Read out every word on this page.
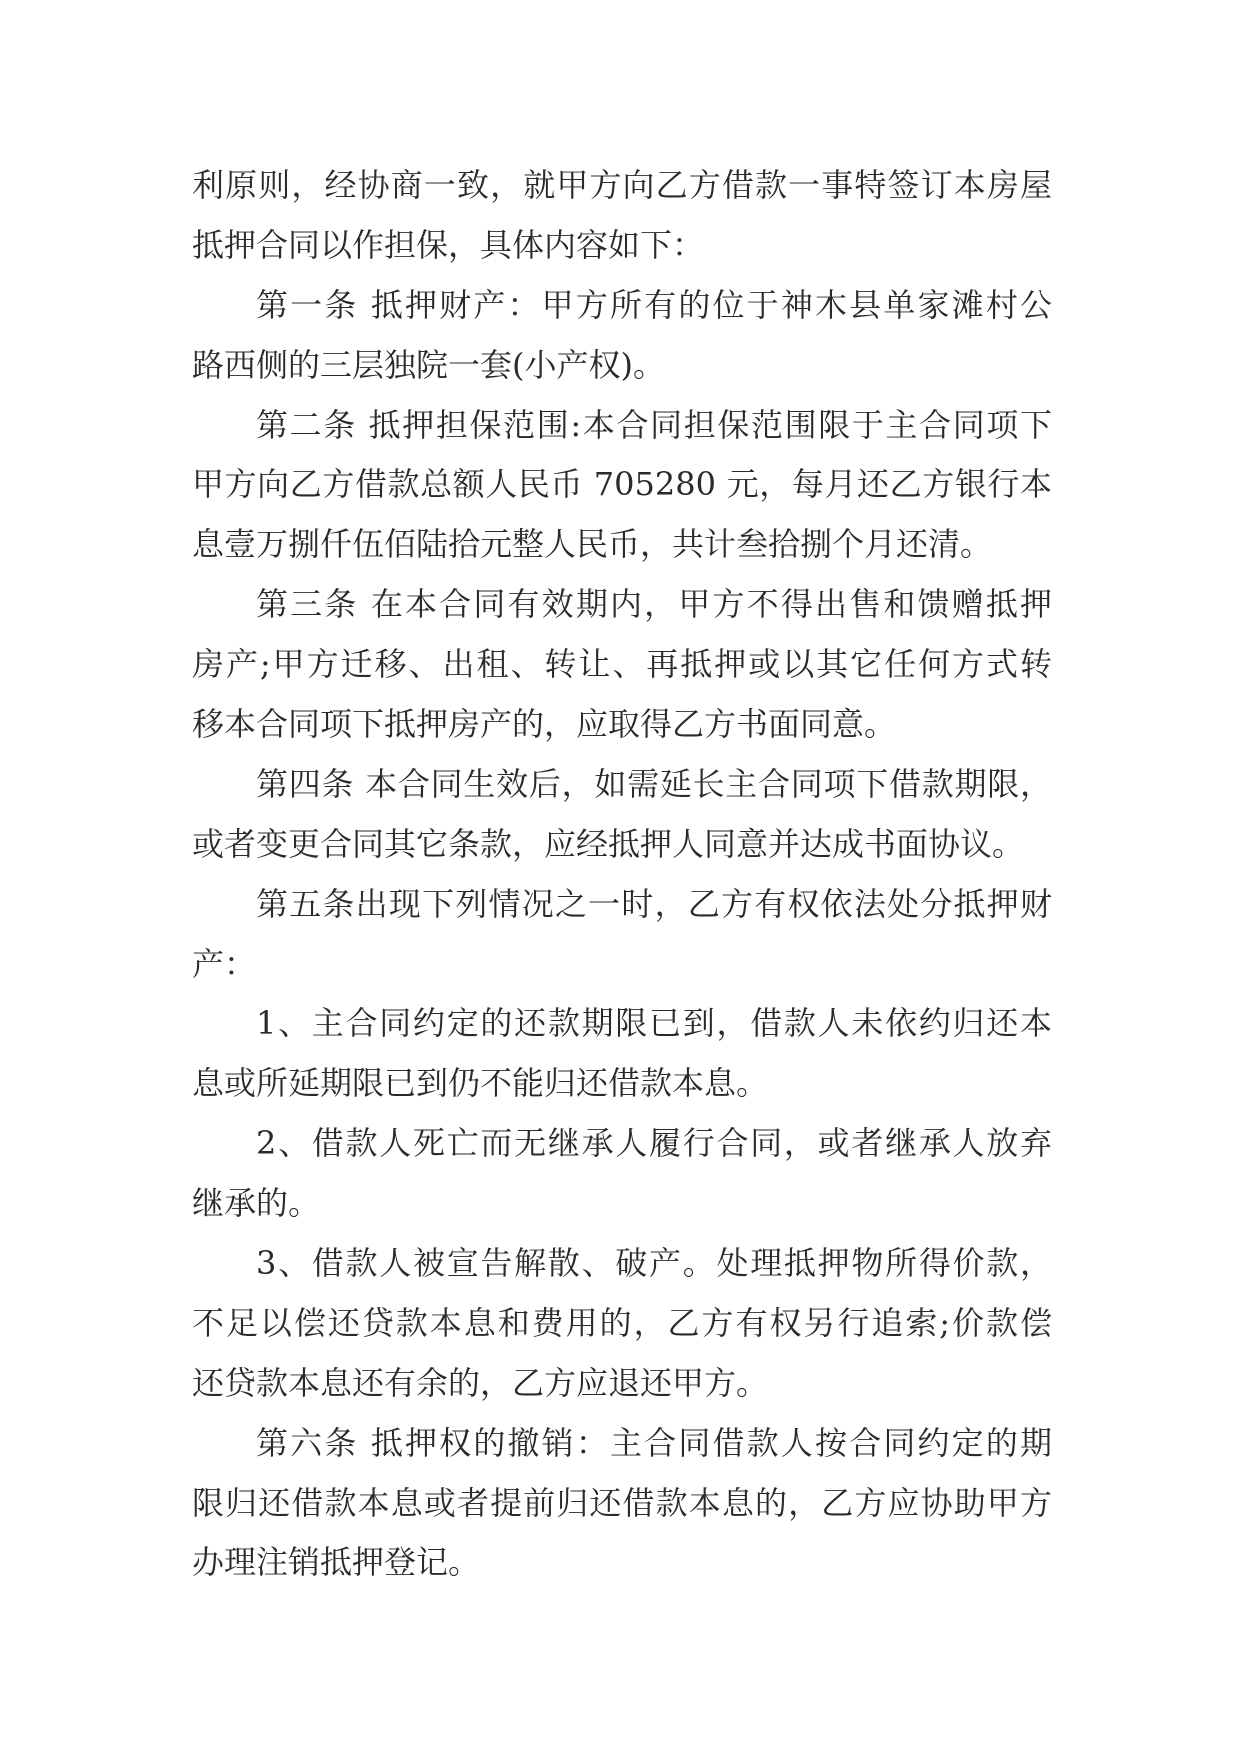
利原则，经协商一致，就甲方向乙方借款一事特签订本房屋
抵押合同以作担保，具体内容如下：
第一条 抵押财产：甲方所有的位于神木县单家滩村公
路西侧的三层独院一套(小产权)。
第二条 抵押担保范围:本合同担保范围限于主合同项下
甲方向乙方借款总额人民币 705280 元，每月还乙方银行本
息壹万捌仟伍佰陆拾元整人民币，共计叁拾捌个月还清。
第三条 在本合同有效期内，甲方不得出售和馈赠抵押
房产;甲方迁移、出租、转让、再抵押或以其它任何方式转
移本合同项下抵押房产的，应取得乙方书面同意。
第四条 本合同生效后，如需延长主合同项下借款期限，
或者变更合同其它条款，应经抵押人同意并达成书面协议。
第五条出现下列情况之一时，乙方有权依法处分抵押财
产：
1、主合同约定的还款期限已到，借款人未依约归还本
息或所延期限已到仍不能归还借款本息。
2、借款人死亡而无继承人履行合同，或者继承人放弃
继承的。
3、借款人被宣告解散、破产。处理抵押物所得价款，
不足以偿还贷款本息和费用的，乙方有权另行追索;价款偿
还贷款本息还有余的，乙方应退还甲方。
第六条 抵押权的撤销：主合同借款人按合同约定的期
限归还借款本息或者提前归还借款本息的，乙方应协助甲方
办理注销抵押登记。
